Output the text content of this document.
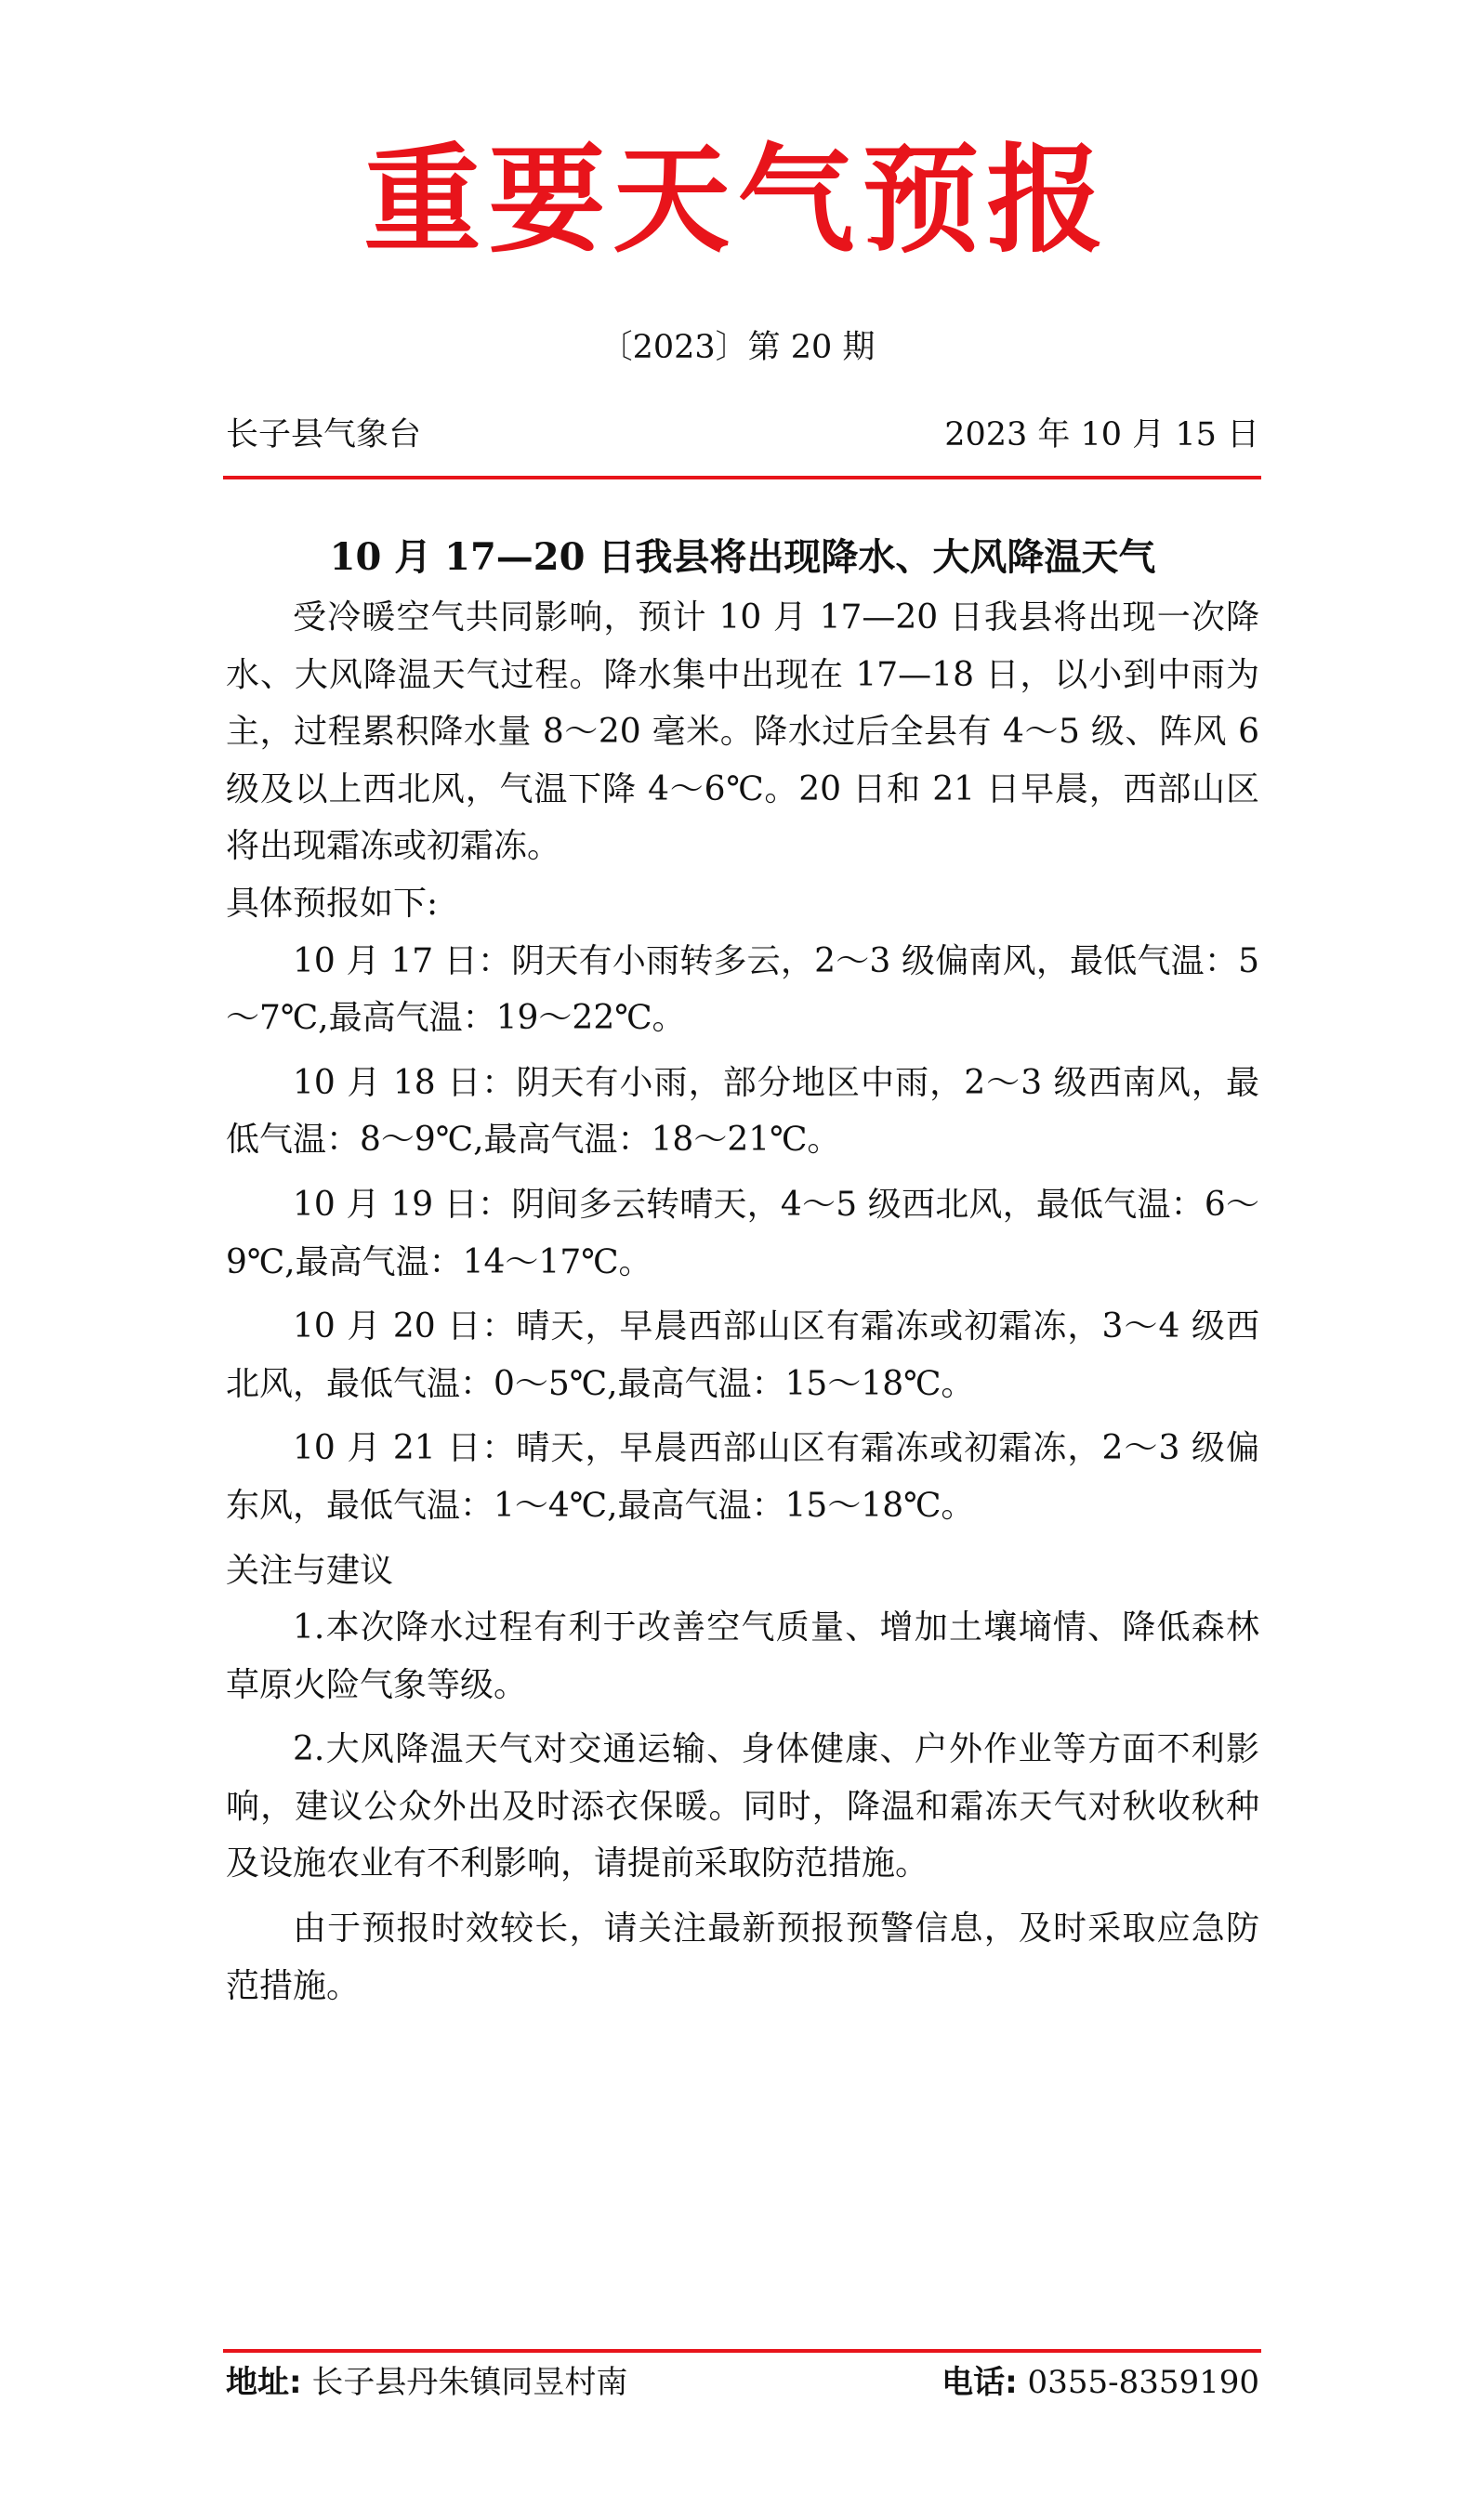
重要天气预报
〔2023〕第 20 期
长子县气象台	2023 年 10 月 15 日
10 月 17—20 日我县将出现降水、大风降温天气

受冷暖空气共同影响，预计 10 月 17—20 日我县将出现一次降水、大风降温天气过程。降水集中出现在 17—18 日，以小到中雨为主，过程累积降水量 8～20 毫米。降水过后全县有 4～5 级、阵风 6 级及以上西北风，气温下降 4～6℃。20 日和 21 日早晨，西部山区将出现霜冻或初霜冻。

具体预报如下:

10 月 17 日：阴天有小雨转多云，2～3 级偏南风，最低气温：5～7℃,最高气温：19～22℃。

10 月 18 日：阴天有小雨，部分地区中雨，2～3 级西南风，最低气温：8～9℃,最高气温：18～21℃。

10 月 19 日：阴间多云转晴天，4～5 级西北风，最低气温：6～9℃,最高气温：14～17℃。

10 月 20 日：晴天，早晨西部山区有霜冻或初霜冻，3～4 级西北风，最低气温：0～5℃,最高气温：15～18℃。

10 月 21 日：晴天，早晨西部山区有霜冻或初霜冻，2～3 级偏东风，最低气温：1～4℃,最高气温：15～18℃。

关注与建议

1.本次降水过程有利于改善空气质量、增加土壤墒情、降低森林草原火险气象等级。

2.大风降温天气对交通运输、身体健康、户外作业等方面不利影响，建议公众外出及时添衣保暖。同时，降温和霜冻天气对秋收秋种及设施农业有不利影响，请提前采取防范措施。

由于预报时效较长，请关注最新预报预警信息，及时采取应急防范措施。

地址: 长子县丹朱镇同昱村南	电话: 0355-8359190
